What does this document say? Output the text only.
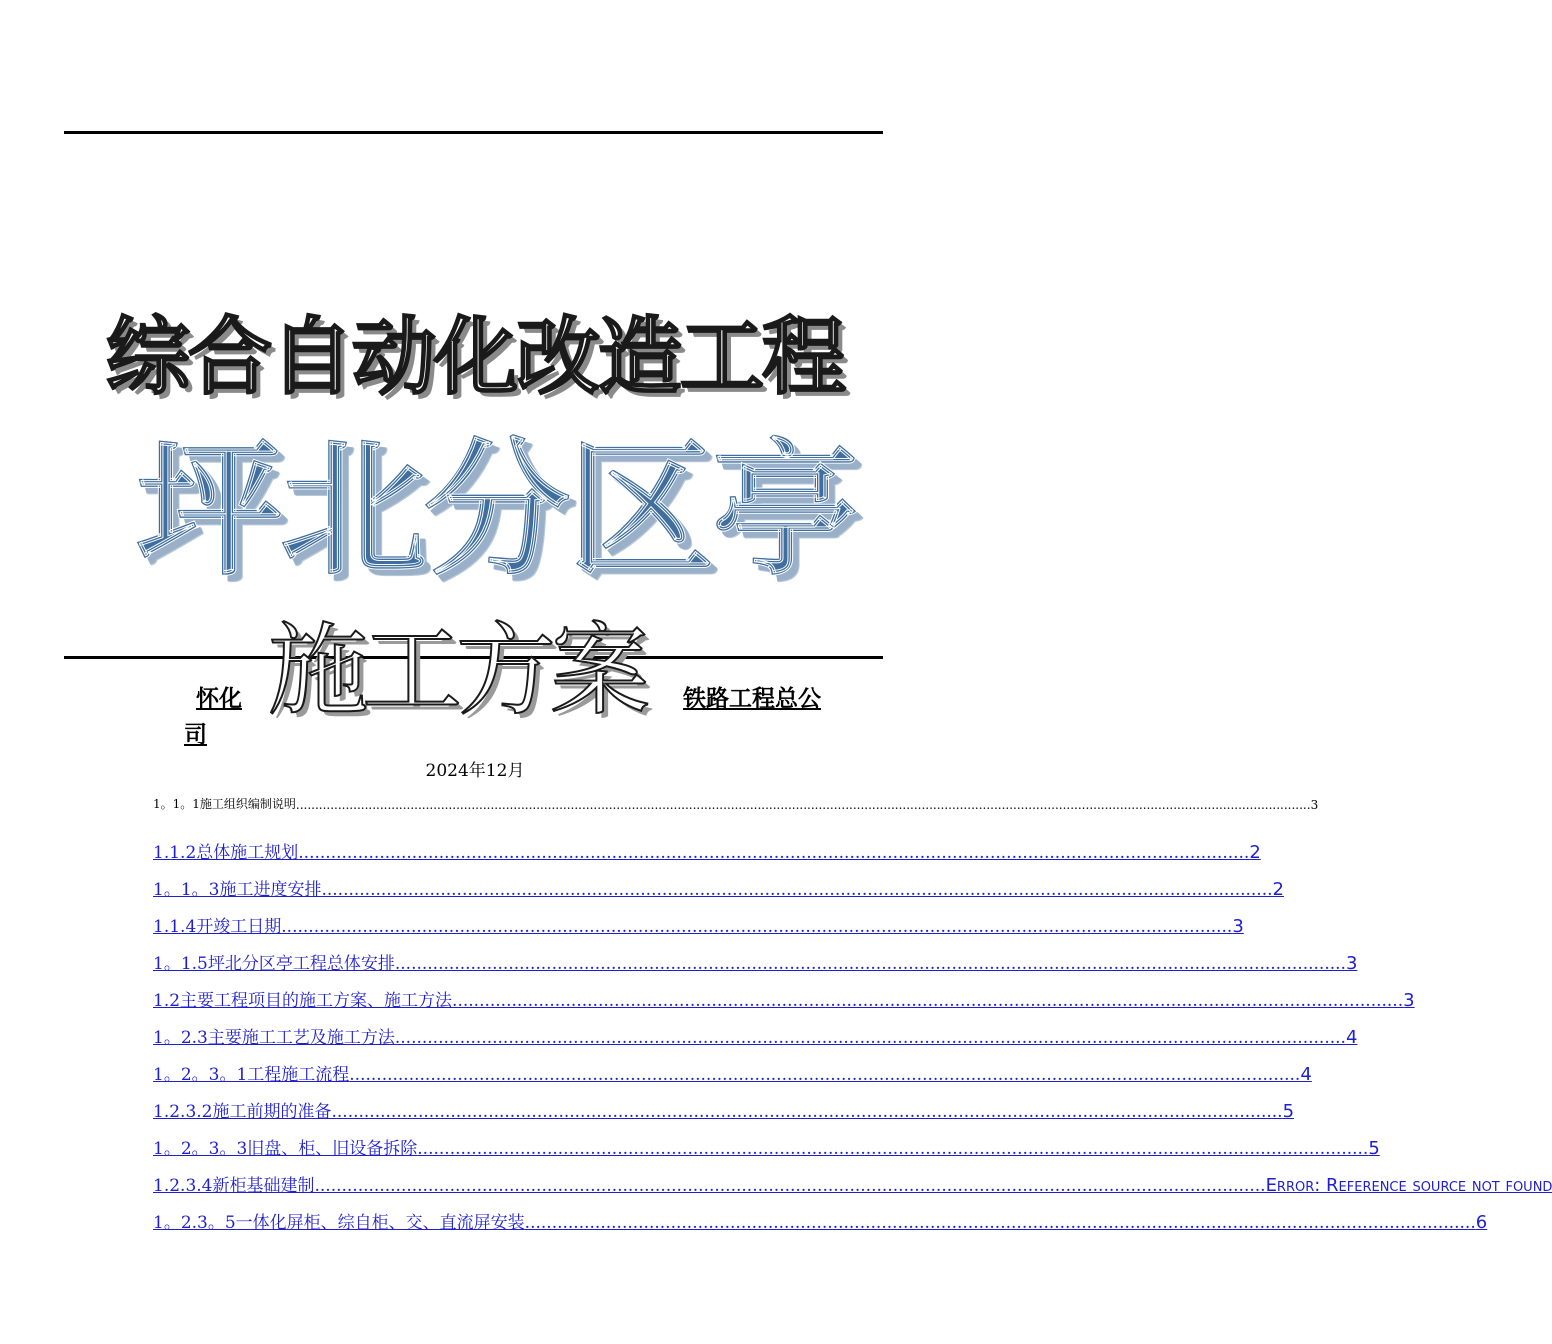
综合自动化改造工程
坪北分区亭
施工方案
怀化	铁路工程总公
司
2024年12月
1。1。1施工组织编制说明 .......................................................................................................................................................................................................................................................................... 3
1.1.2总体施工规划 ................................................................................................................................................................................ 2
1。1。3施工进度安排 ................................................................................................................................................................................ 2
1.1.4开竣工日期 ................................................................................................................................................................................ 3
1。1.5坪北分区亭工程总体安排 ................................................................................................................................................................................ 3
1.2主要工程项目的施工方案、施工方法 ................................................................................................................................................................................ 3
1。2.3主要施工工艺及施工方法 ................................................................................................................................................................................ 4
1。2。3。1工程施工流程 ................................................................................................................................................................................ 4
1.2.3.2施工前期的准备 ................................................................................................................................................................................ 5
1。2。3。3旧盘、柜、旧设备拆除 ................................................................................................................................................................................ 5
1.2.3.4新柜基础建制 ................................................................................................................................................................................ Error: Reference source not found
1。2.3。5一体化屏柜、综自柜、交、直流屏安装 ................................................................................................................................................................................ 6
